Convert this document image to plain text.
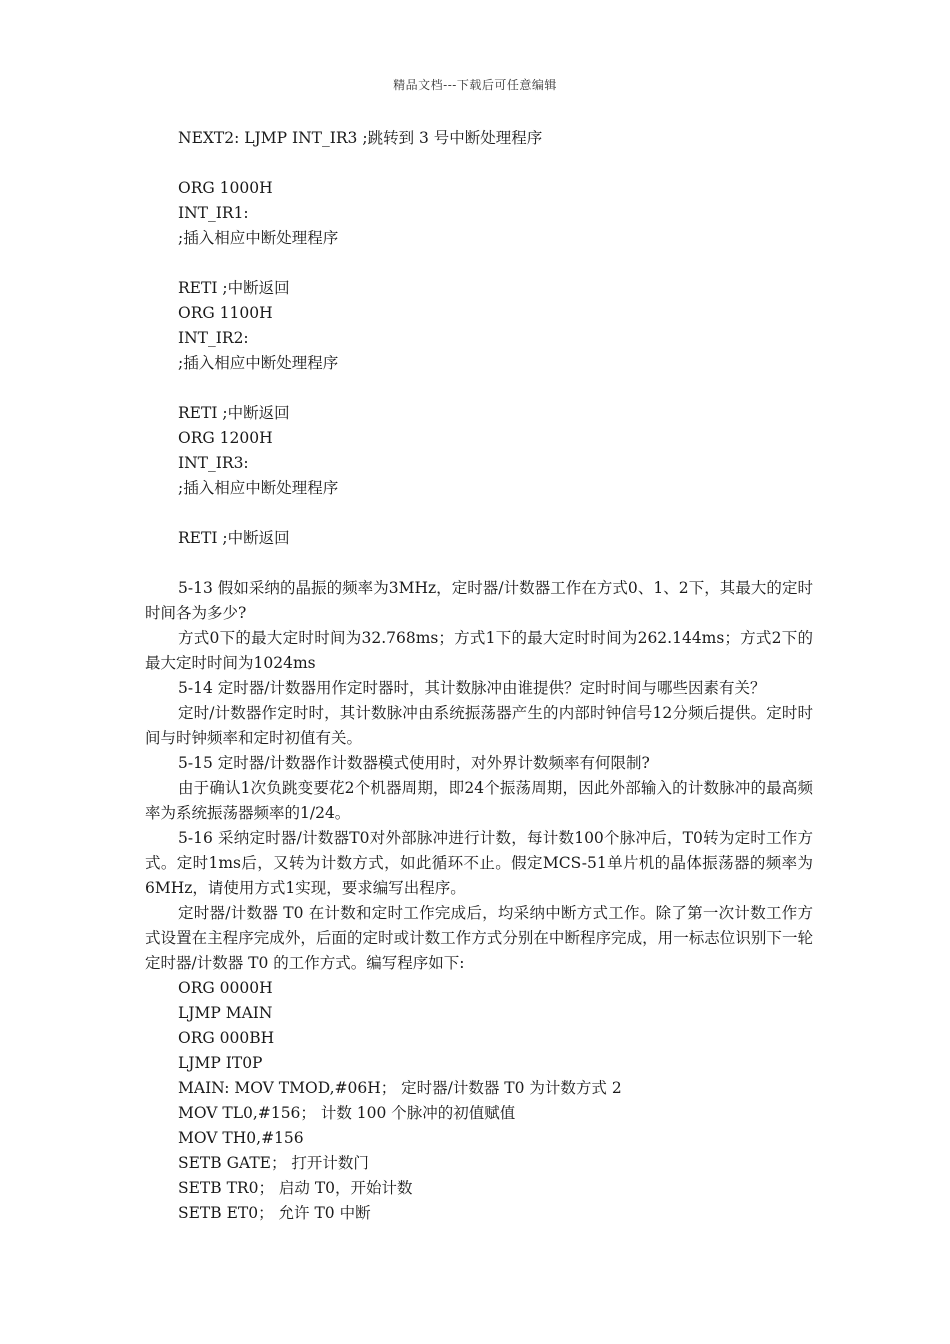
精品文档---下载后可任意编辑
NEXT2: LJMP INT_IR3 ;跳转到 3 号中断处理程序
ORG 1000H
INT_IR1:
;插入相应中断处理程序
RETI ;中断返回
ORG 1100H
INT_IR2:
;插入相应中断处理程序
RETI ;中断返回
ORG 1200H
INT_IR3:
;插入相应中断处理程序
RETI ;中断返回
5-13 假如采纳的晶振的频率为3MHz，定时器/计数器工作在方式0、1、2下，其最大的定时时间各为多少?
方式0下的最大定时时间为32.768ms；方式1下的最大定时时间为262.144ms；方式2下的最大定时时间为1024ms
5-14 定时器/计数器用作定时器时，其计数脉冲由谁提供？定时时间与哪些因素有关？
定时/计数器作定时时，其计数脉冲由系统振荡器产生的内部时钟信号12分频后提供。定时时间与时钟频率和定时初值有关。
5-15 定时器/计数器作计数器模式使用时，对外界计数频率有何限制?
由于确认1次负跳变要花2个机器周期，即24个振荡周期，因此外部输入的计数脉冲的最高频率为系统振荡器频率的1/24。
5-16 采纳定时器/计数器T0对外部脉冲进行计数，每计数100个脉冲后，T0转为定时工作方式。定时1ms后，又转为计数方式，如此循环不止。假定MCS-51单片机的晶体振荡器的频率为6MHz，请使用方式1实现，要求编写出程序。
定时器/计数器 T0 在计数和定时工作完成后，均采纳中断方式工作。除了第一次计数工作方式设置在主程序完成外，后面的定时或计数工作方式分别在中断程序完成，用一标志位识别下一轮定时器/计数器 T0 的工作方式。编写程序如下:
ORG 0000H
LJMP MAIN
ORG 000BH
LJMP IT0P
MAIN: MOV TMOD,#06H； 定时器/计数器 T0 为计数方式 2
MOV TL0,#156； 计数 100 个脉冲的初值赋值
MOV TH0,#156
SETB GATE； 打开计数门
SETB TR0； 启动 T0，开始计数
SETB ET0； 允许 T0 中断
